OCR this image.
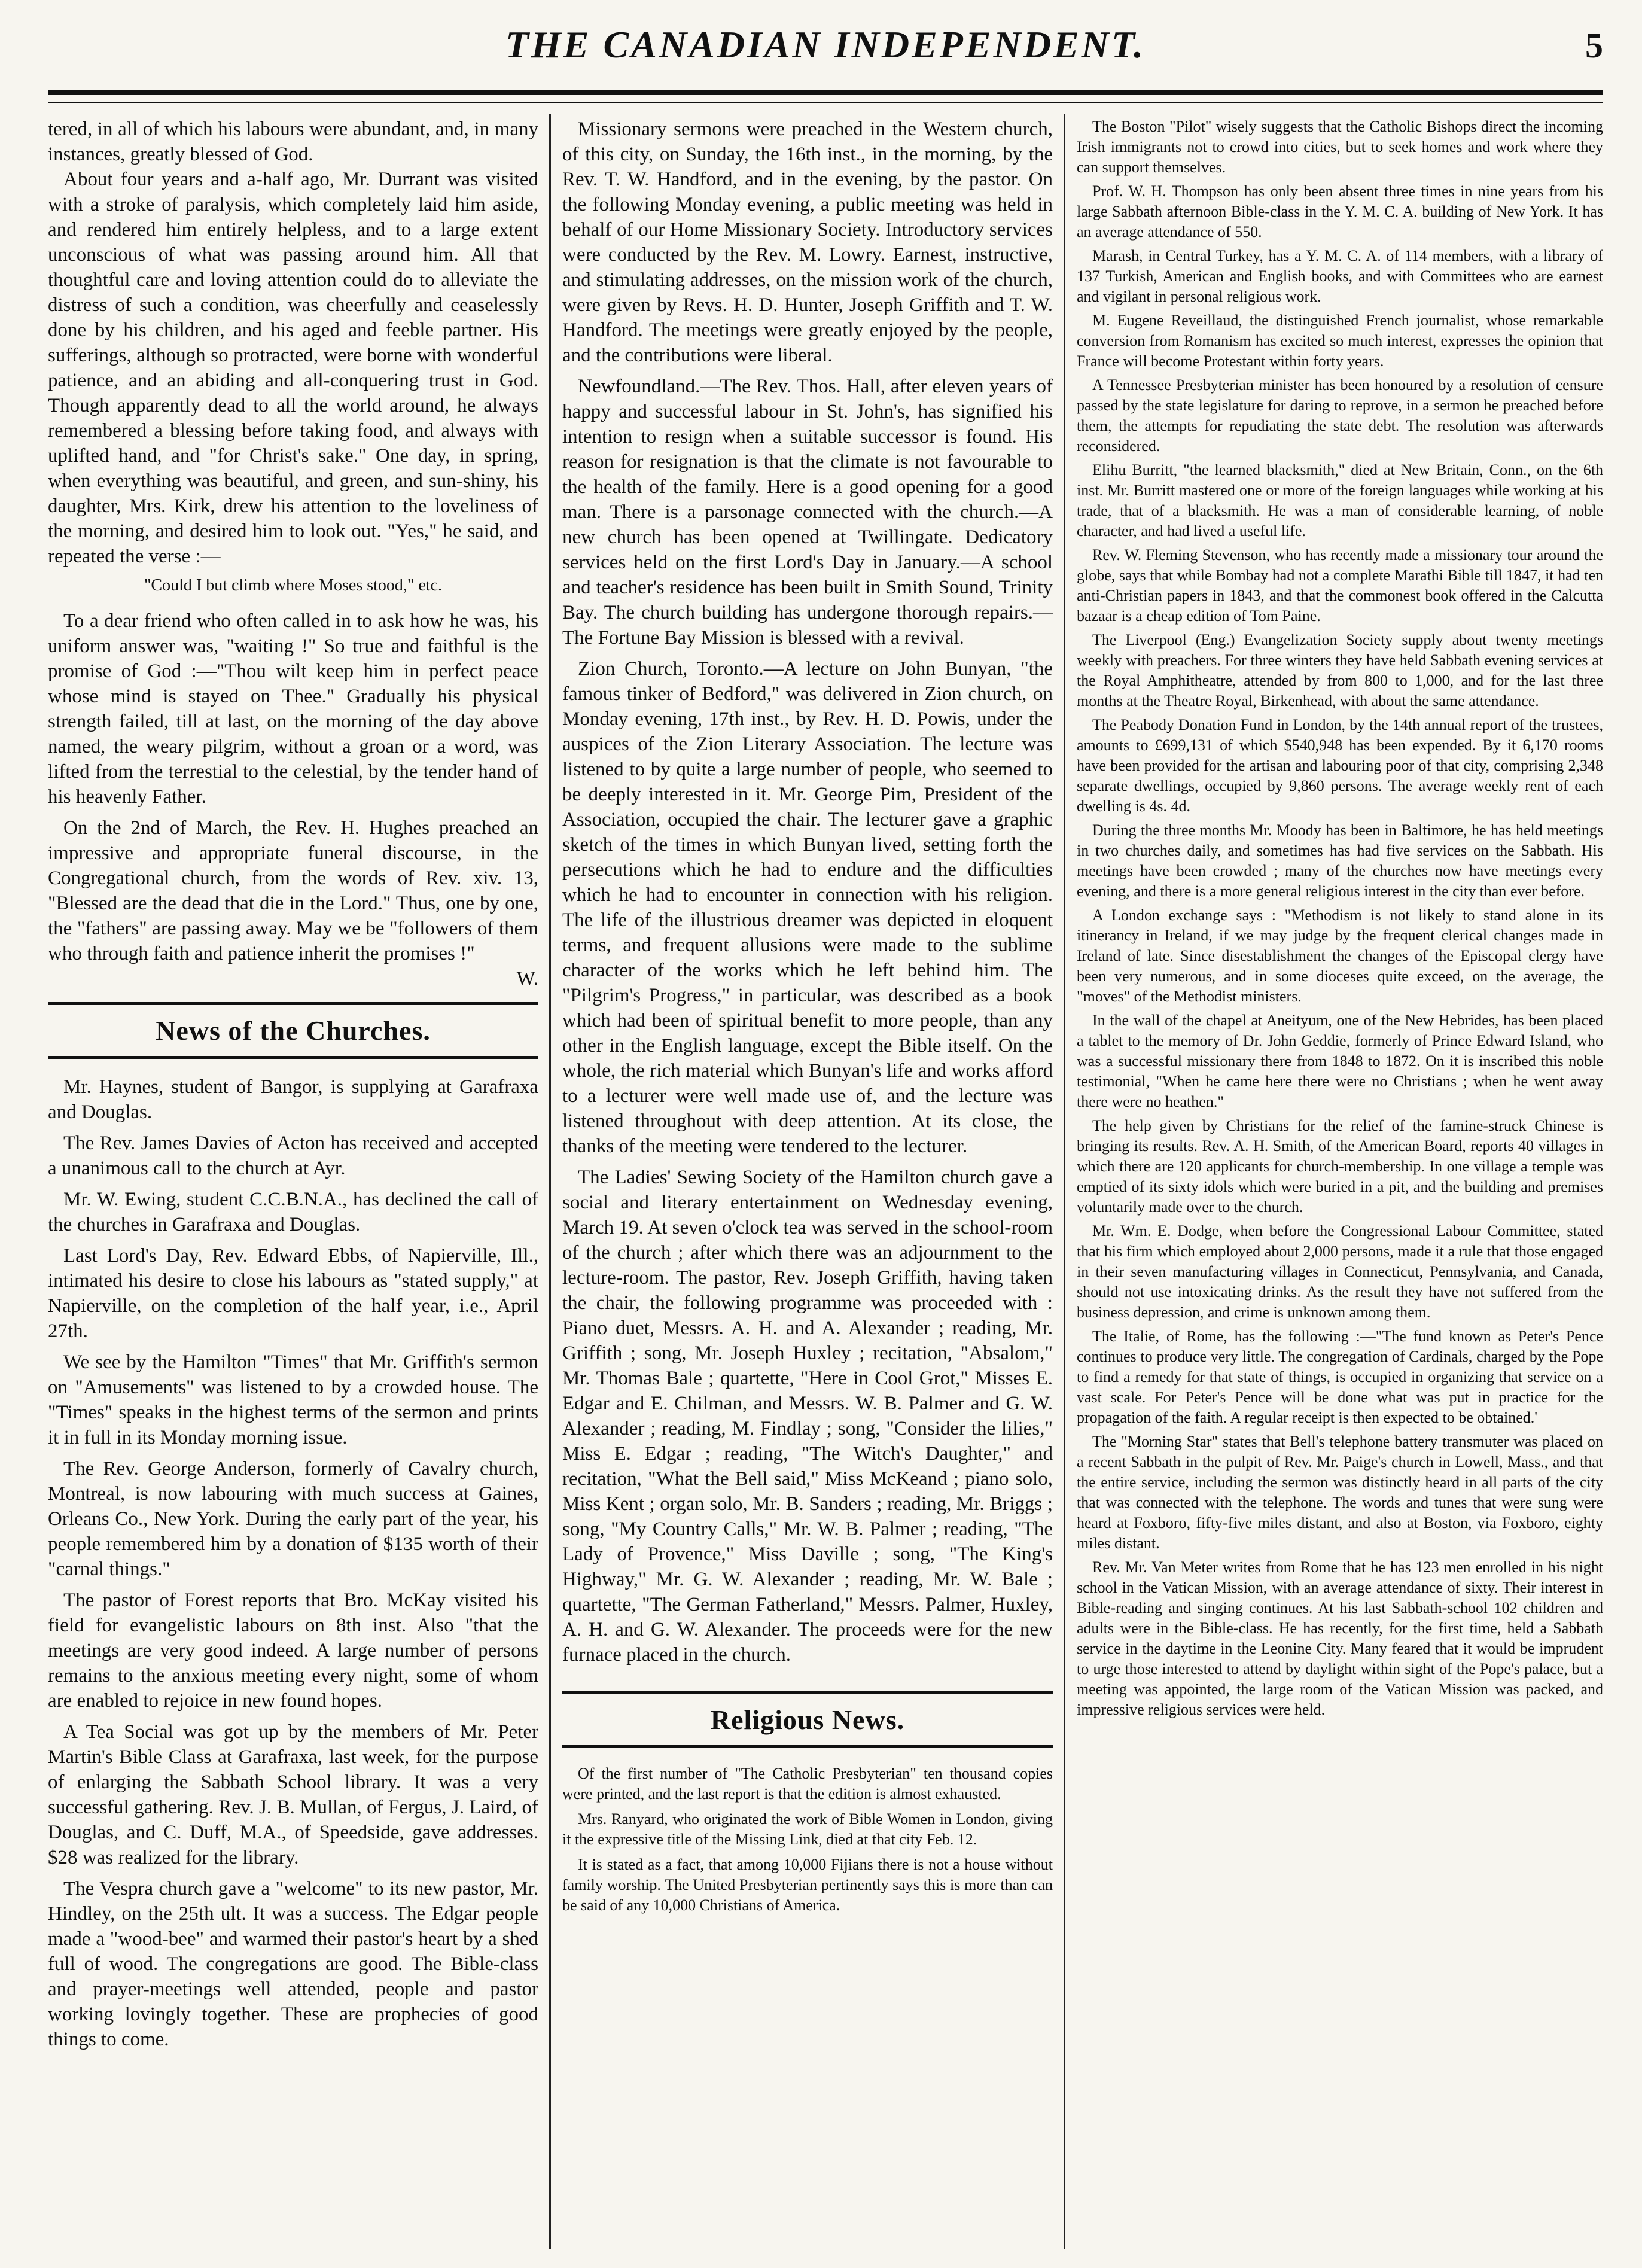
THE CANADIAN INDEPENDENT.	5

tered, in all of which his labours were abundant, and, in many instances, greatly blessed of God.

About four years and a-half ago, Mr. Durrant was visited with a stroke of paralysis, which completely laid him aside, and rendered him entirely helpless, and to a large extent unconscious of what was passing around him. All that thoughtful care and loving attention could do to alleviate the distress of such a condition, was cheerfully and ceaselessly done by his children, and his aged and feeble partner. His sufferings, although so protracted, were borne with wonderful patience, and an abiding and all-conquering trust in God. Though apparently dead to all the world around, he always remembered a blessing before taking food, and always with uplifted hand, and "for Christ's sake." One day, in spring, when everything was beautiful, and green, and sun-shiny, his daughter, Mrs. Kirk, drew his attention to the loveliness of the morning, and desired him to look out. "Yes," he said, and repeated the verse :—

"Could I but climb where Moses stood," etc.

To a dear friend who often called in to ask how he was, his uniform answer was, "waiting !" So true and faithful is the promise of God :—"Thou wilt keep him in perfect peace whose mind is stayed on Thee." Gradually his physical strength failed, till at last, on the morning of the day above named, the weary pilgrim, without a groan or a word, was lifted from the terrestial to the celestial, by the tender hand of his heavenly Father.

On the 2nd of March, the Rev. H. Hughes preached an impressive and appropriate funeral discourse, in the Congregational church, from the words of Rev. xiv. 13, "Blessed are the dead that die in the Lord." Thus, one by one, the "fathers" are passing away. May we be "followers of them who through faith and patience inherit the promises !"

W.
News of the Churches.

Mr. Haynes, student of Bangor, is supplying at Garafraxa and Douglas.

The Rev. James Davies of Acton has received and accepted a unanimous call to the church at Ayr.

Mr. W. Ewing, student C.C.B.N.A., has declined the call of the churches in Garafraxa and Douglas.

Last Lord's Day, Rev. Edward Ebbs, of Napierville, Ill., intimated his desire to close his labours as "stated supply," at Napierville, on the completion of the half year, i.e., April 27th.

We see by the Hamilton "Times" that Mr. Griffith's sermon on "Amusements" was listened to by a crowded house. The "Times" speaks in the highest terms of the sermon and prints it in full in its Monday morning issue.

The Rev. George Anderson, formerly of Cavalry church, Montreal, is now labouring with much success at Gaines, Orleans Co., New York. During the early part of the year, his people remembered him by a donation of $135 worth of their "carnal things."

The pastor of Forest reports that Bro. McKay visited his field for evangelistic labours on 8th inst. Also "that the meetings are very good indeed. A large number of persons remains to the anxious meeting every night, some of whom are enabled to rejoice in new found hopes.

A Tea Social was got up by the members of Mr. Peter Martin's Bible Class at Garafraxa, last week, for the purpose of enlarging the Sabbath School library. It was a very successful gathering. Rev. J. B. Mullan, of Fergus, J. Laird, of Douglas, and C. Duff, M.A., of Speedside, gave addresses. $28 was realized for the library.

The Vespra church gave a "welcome" to its new pastor, Mr. Hindley, on the 25th ult. It was a success. The Edgar people made a "wood-bee" and warmed their pastor's heart by a shed full of wood. The congregations are good. The Bible-class and prayer-meetings well attended, people and pastor working lovingly together. These are prophecies of good things to come.

Missionary sermons were preached in the Western church, of this city, on Sunday, the 16th inst., in the morning, by the Rev. T. W. Handford, and in the evening, by the pastor. On the following Monday evening, a public meeting was held in behalf of our Home Missionary Society. Introductory services were conducted by the Rev. M. Lowry. Earnest, instructive, and stimulating addresses, on the mission work of the church, were given by Revs. H. D. Hunter, Joseph Griffith and T. W. Handford. The meetings were greatly enjoyed by the people, and the contributions were liberal.

Newfoundland.—The Rev. Thos. Hall, after eleven years of happy and successful labour in St. John's, has signified his intention to resign when a suitable successor is found. His reason for resignation is that the climate is not favourable to the health of the family. Here is a good opening for a good man. There is a parsonage connected with the church.—A new church has been opened at Twillingate. Dedicatory services held on the first Lord's Day in January.—A school and teacher's residence has been built in Smith Sound, Trinity Bay. The church building has undergone thorough repairs.—The Fortune Bay Mission is blessed with a revival.

Zion Church, Toronto.—A lecture on John Bunyan, "the famous tinker of Bedford," was delivered in Zion church, on Monday evening, 17th inst., by Rev. H. D. Powis, under the auspices of the Zion Literary Association. The lecture was listened to by quite a large number of people, who seemed to be deeply interested in it. Mr. George Pim, President of the Association, occupied the chair. The lecturer gave a graphic sketch of the times in which Bunyan lived, setting forth the persecutions which he had to endure and the difficulties which he had to encounter in connection with his religion. The life of the illustrious dreamer was depicted in eloquent terms, and frequent allusions were made to the sublime character of the works which he left behind him. The "Pilgrim's Progress," in particular, was described as a book which had been of spiritual benefit to more people, than any other in the English language, except the Bible itself. On the whole, the rich material which Bunyan's life and works afford to a lecturer were well made use of, and the lecture was listened throughout with deep attention. At its close, the thanks of the meeting were tendered to the lecturer.

The Ladies' Sewing Society of the Hamilton church gave a social and literary entertainment on Wednesday evening, March 19. At seven o'clock tea was served in the school-room of the church ; after which there was an adjournment to the lecture-room. The pastor, Rev. Joseph Griffith, having taken the chair, the following programme was proceeded with : Piano duet, Messrs. A. H. and A. Alexander ; reading, Mr. Griffith ; song, Mr. Joseph Huxley ; recitation, "Absalom," Mr. Thomas Bale ; quartette, "Here in Cool Grot," Misses E. Edgar and E. Chilman, and Messrs. W. B. Palmer and G. W. Alexander ; reading, M. Findlay ; song, "Consider the lilies," Miss E. Edgar ; reading, "The Witch's Daughter," and recitation, "What the Bell said," Miss McKeand ; piano solo, Miss Kent ; organ solo, Mr. B. Sanders ; reading, Mr. Briggs ; song, "My Country Calls," Mr. W. B. Palmer ; reading, "The Lady of Provence," Miss Daville ; song, "The King's Highway," Mr. G. W. Alexander ; reading, Mr. W. Bale ; quartette, "The German Fatherland," Messrs. Palmer, Huxley, A. H. and G. W. Alexander. The proceeds were for the new furnace placed in the church.

Religious News.

Of the first number of "The Catholic Presbyterian" ten thousand copies were printed, and the last report is that the edition is almost exhausted.

Mrs. Ranyard, who originated the work of Bible Women in London, giving it the expressive title of the Missing Link, died at that city Feb. 12.

It is stated as a fact, that among 10,000 Fijians there is not a house without family worship. The United Presbyterian pertinently says this is more than can be said of any 10,000 Christians of America.

The Boston "Pilot" wisely suggests that the Catholic Bishops direct the incoming Irish immigrants not to crowd into cities, but to seek homes and work where they can support themselves.

Prof. W. H. Thompson has only been absent three times in nine years from his large Sabbath afternoon Bible-class in the Y. M. C. A. building of New York. It has an average attendance of 550.

Marash, in Central Turkey, has a Y. M. C. A. of 114 members, with a library of 137 Turkish, American and English books, and with Committees who are earnest and vigilant in personal religious work.

M. Eugene Reveillaud, the distinguished French journalist, whose remarkable conversion from Romanism has excited so much interest, expresses the opinion that France will become Protestant within forty years.

A Tennessee Presbyterian minister has been honoured by a resolution of censure passed by the state legislature for daring to reprove, in a sermon he preached before them, the attempts for repudiating the state debt. The resolution was afterwards reconsidered.

Elihu Burritt, "the learned blacksmith," died at New Britain, Conn., on the 6th inst. Mr. Burritt mastered one or more of the foreign languages while working at his trade, that of a blacksmith. He was a man of considerable learning, of noble character, and had lived a useful life.

Rev. W. Fleming Stevenson, who has recently made a missionary tour around the globe, says that while Bombay had not a complete Marathi Bible till 1847, it had ten anti-Christian papers in 1843, and that the commonest book offered in the Calcutta bazaar is a cheap edition of Tom Paine.

The Liverpool (Eng.) Evangelization Society supply about twenty meetings weekly with preachers. For three winters they have held Sabbath evening services at the Royal Amphitheatre, attended by from 800 to 1,000, and for the last three months at the Theatre Royal, Birkenhead, with about the same attendance.

The Peabody Donation Fund in London, by the 14th annual report of the trustees, amounts to £699,131 of which $540,948 has been expended. By it 6,170 rooms have been provided for the artisan and labouring poor of that city, comprising 2,348 separate dwellings, occupied by 9,860 persons. The average weekly rent of each dwelling is 4s. 4d.

During the three months Mr. Moody has been in Baltimore, he has held meetings in two churches daily, and sometimes has had five services on the Sabbath. His meetings have been crowded ; many of the churches now have meetings every evening, and there is a more general religious interest in the city than ever before.

A London exchange says : "Methodism is not likely to stand alone in its itinerancy in Ireland, if we may judge by the frequent clerical changes made in Ireland of late. Since disestablishment the changes of the Episcopal clergy have been very numerous, and in some dioceses quite exceed, on the average, the "moves" of the Methodist ministers.

In the wall of the chapel at Aneityum, one of the New Hebrides, has been placed a tablet to the memory of Dr. John Geddie, formerly of Prince Edward Island, who was a successful missionary there from 1848 to 1872. On it is inscribed this noble testimonial, "When he came here there were no Christians ; when he went away there were no heathen."

The help given by Christians for the relief of the famine-struck Chinese is bringing its results. Rev. A. H. Smith, of the American Board, reports 40 villages in which there are 120 applicants for church-membership. In one village a temple was emptied of its sixty idols which were buried in a pit, and the building and premises voluntarily made over to the church.

Mr. Wm. E. Dodge, when before the Congressional Labour Committee, stated that his firm which employed about 2,000 persons, made it a rule that those engaged in their seven manufacturing villages in Connecticut, Pennsylvania, and Canada, should not use intoxicating drinks. As the result they have not suffered from the business depression, and crime is unknown among them.

The Italie, of Rome, has the following :—"The fund known as Peter's Pence continues to produce very little. The congregation of Cardinals, charged by the Pope to find a remedy for that state of things, is occupied in organizing that service on a vast scale. For Peter's Pence will be done what was put in practice for the propagation of the faith. A regular receipt is then expected to be obtained.'

The "Morning Star" states that Bell's telephone battery transmuter was placed on a recent Sabbath in the pulpit of Rev. Mr. Paige's church in Lowell, Mass., and that the entire service, including the sermon was distinctly heard in all parts of the city that was connected with the telephone. The words and tunes that were sung were heard at Foxboro, fifty-five miles distant, and also at Boston, via Foxboro, eighty miles distant.

Rev. Mr. Van Meter writes from Rome that he has 123 men enrolled in his night school in the Vatican Mission, with an average attendance of sixty. Their interest in Bible-reading and singing continues. At his last Sabbath-school 102 children and adults were in the Bible-class. He has recently, for the first time, held a Sabbath service in the daytime in the Leonine City. Many feared that it would be imprudent to urge those interested to attend by daylight within sight of the Pope's palace, but a meeting was appointed, the large room of the Vatican Mission was packed, and impressive religious services were held.
